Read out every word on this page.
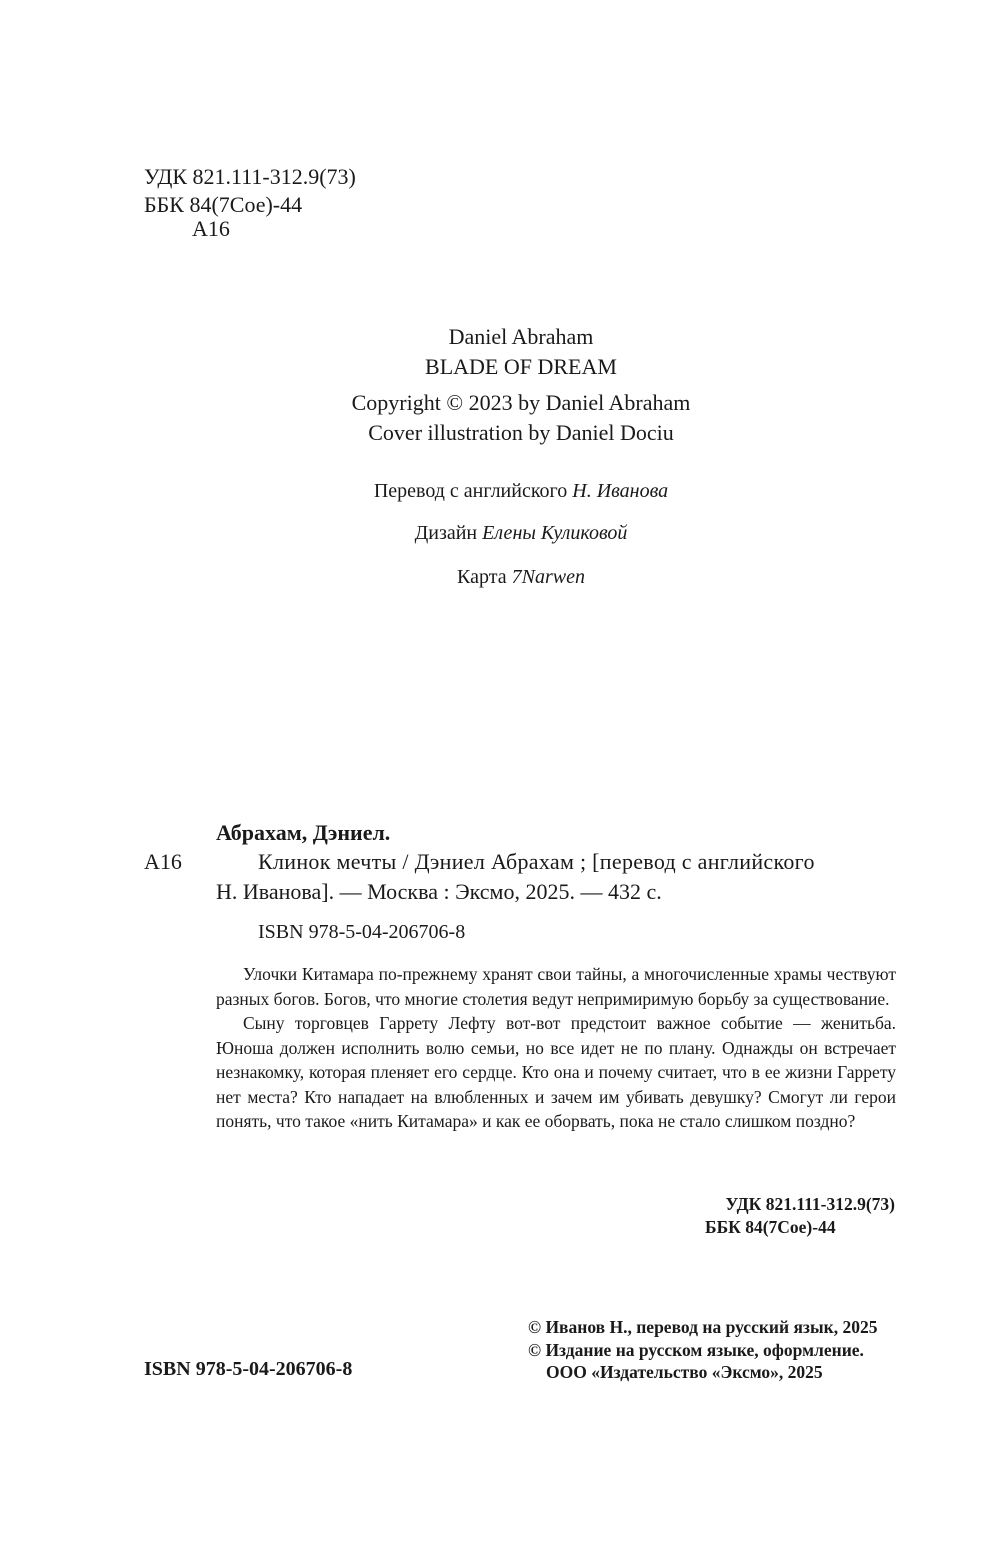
УДК 821.111-312.9(73)
ББК 84(7Сое)-44
А16
Daniel Abraham
BLADE OF DREAM
Copyright © 2023 by Daniel Abraham
Cover illustration by Daniel Dociu
Перевод с английского Н. Иванова
Дизайн Елены Куликовой
Карта 7Narwen
Абрахам, Дэниел.
А16	Клинок мечты / Дэниел Абрахам ; [перевод с английского
Н. Иванова]. — Москва : Эксмо, 2025. — 432 с.
ISBN 978-5-04-206706-8

Улочки Китамара по-прежнему хранят свои тайны, а многочисленные храмы чествуют разных богов. Богов, что многие столетия ведут непримиримую борьбу за существование.

Сыну торговцев Гаррету Лефту вот-вот предстоит важное событие — женитьба. Юноша должен исполнить волю семьи, но все идет не по плану. Однажды он встречает незнакомку, которая пленяет его сердце. Кто она и почему считает, что в ее жизни Гаррету нет места? Кто нападает на влюбленных и зачем им убивать девушку? Смогут ли герои понять, что такое «нить Китамара» и как ее оборвать, пока не стало слишком поздно?

УДК 821.111-312.9(73)
ББК 84(7Сое)-44
ISBN 978-5-04-206706-8
© Иванов Н., перевод на русский язык, 2025
© Издание на русском языке, оформление.
ООО «Издательство «Эксмо», 2025
